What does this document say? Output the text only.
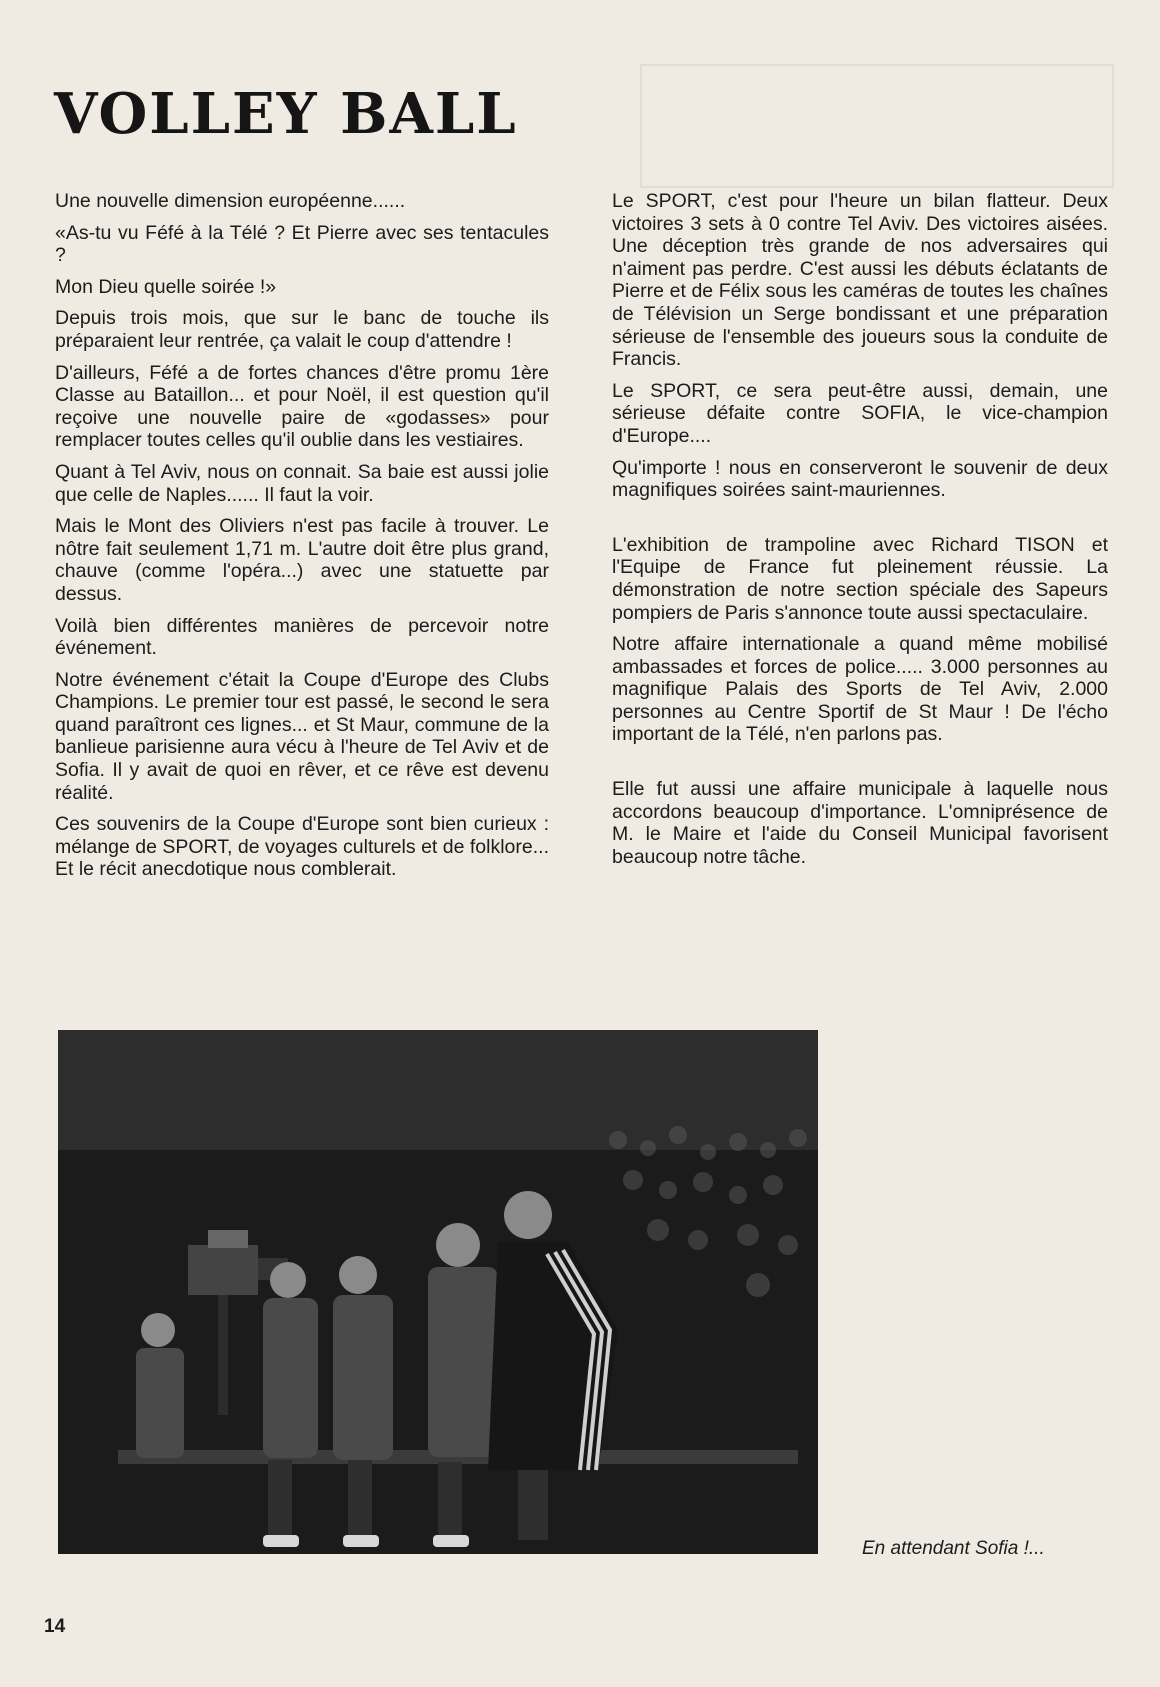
VOLLEY BALL

Une nouvelle dimension européenne......

«As-tu vu Féfé à la Télé ? Et Pierre avec ses tentacules ?

Mon Dieu quelle soirée !»

Depuis trois mois, que sur le banc de touche ils préparaient leur rentrée, ça valait le coup d'attendre !

D'ailleurs, Féfé a de fortes chances d'être promu 1ère Classe au Bataillon... et pour Noël, il est question qu'il reçoive une nouvelle paire de «godasses» pour remplacer toutes celles qu'il oublie dans les vestiaires.

Quant à Tel Aviv, nous on connait. Sa baie est aussi jolie que celle de Naples...... Il faut la voir.

Mais le Mont des Oliviers n'est pas facile à trouver. Le nôtre fait seulement 1,71 m. L'autre doit être plus grand, chauve (comme l'opéra...) avec une statuette par dessus.

Voilà bien différentes manières de percevoir notre événement.

Notre événement c'était la Coupe d'Europe des Clubs Champions. Le premier tour est passé, le second le sera quand paraîtront ces lignes... et St Maur, commune de la banlieue parisienne aura vécu à l'heure de Tel Aviv et de Sofia. Il y avait de quoi en rêver, et ce rêve est devenu réalité.

Ces souvenirs de la Coupe d'Europe sont bien curieux : mélange de SPORT, de voyages culturels et de folklore... Et le récit anecdotique nous comblerait.

Le SPORT, c'est pour l'heure un bilan flatteur. Deux victoires 3 sets à 0 contre Tel Aviv. Des victoires aisées. Une déception très grande de nos adversaires qui n'aiment pas perdre. C'est aussi les débuts éclatants de Pierre et de Félix sous les caméras de toutes les chaînes de Télévision un Serge bondissant et une préparation sérieuse de l'ensemble des joueurs sous la conduite de Francis.

Le SPORT, ce sera peut-être aussi, demain, une sérieuse défaite contre SOFIA, le vice-champion d'Europe....

Qu'importe ! nous en conserveront le souvenir de deux magnifiques soirées saint-mauriennes.

L'exhibition de trampoline avec Richard TISON et l'Equipe de France fut pleinement réussie. La démonstration de notre section spéciale des Sapeurs pompiers de Paris s'annonce toute aussi spectaculaire.

Notre affaire internationale a quand même mobilisé ambassades et forces de police..... 3.000 personnes au magnifique Palais des Sports de Tel Aviv, 2.000 personnes au Centre Sportif de St Maur ! De l'écho important de la Télé, n'en parlons pas.

Elle fut aussi une affaire municipale à laquelle nous accordons beaucoup d'importance. L'omniprésence de M. le Maire et l'aide du Conseil Municipal favorisent beaucoup notre tâche.

En attendant Sofia !...
14
